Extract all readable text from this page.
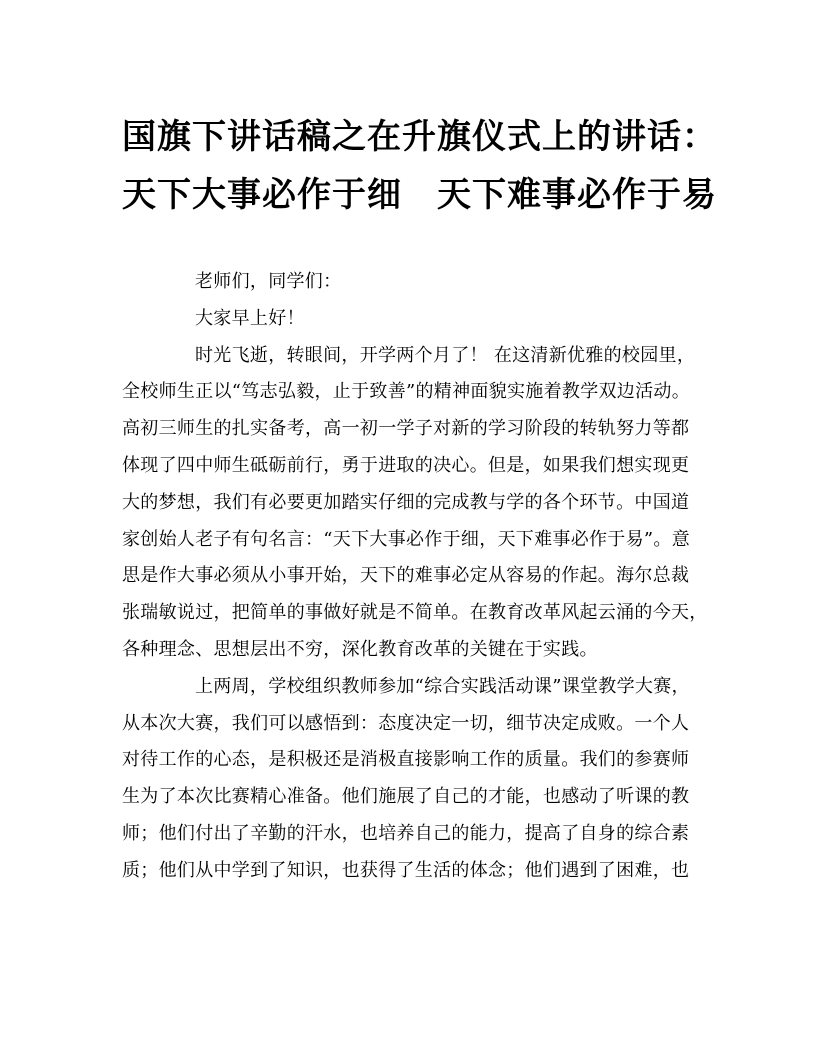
国旗下讲话稿之在升旗仪式上的讲话：
天下大事必作于细　天下难事必作于易
老师们，同学们：
大家早上好！
时光飞逝，转眼间，开学两个月了！ 在这清新优雅的校园里，
全校师生正以“笃志弘毅，止于致善”的精神面貌实施着教学双边活动。
高初三师生的扎实备考，高一初一学子对新的学习阶段的转轨努力等都
体现了四中师生砥砺前行，勇于进取的决心。但是，如果我们想实现更
大的梦想，我们有必要更加踏实仔细的完成教与学的各个环节。中国道
家创始人老子有句名言：“天下大事必作于细，天下难事必作于易”。意
思是作大事必须从小事开始，天下的难事必定从容易的作起。海尔总裁
张瑞敏说过，把简单的事做好就是不简单。在教育改革风起云涌的今天，
各种理念、思想层出不穷，深化教育改革的关键在于实践。
上两周，学校组织教师参加“综合实践活动课”课堂教学大赛，
从本次大赛，我们可以感悟到：态度决定一切，细节决定成败。一个人
对待工作的心态，是积极还是消极直接影响工作的质量。我们的参赛师
生为了本次比赛精心准备。他们施展了自己的才能，也感动了听课的教
师；他们付出了辛勤的汗水，也培养自己的能力，提高了自身的综合素
质；他们从中学到了知识，也获得了生活的体念；他们遇到了困难，也
